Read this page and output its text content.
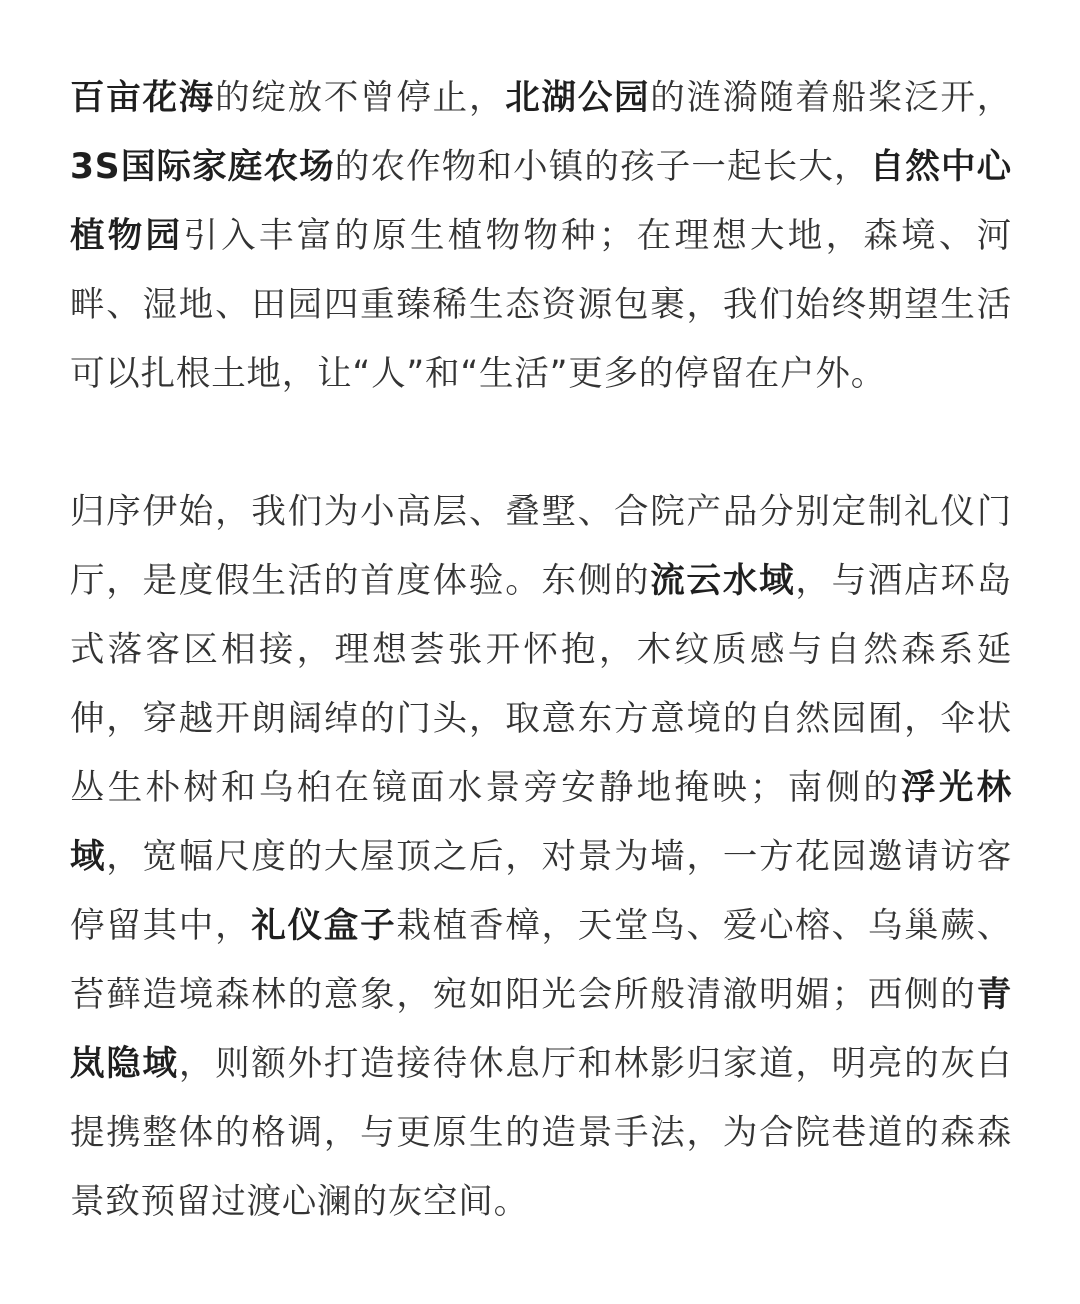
百亩花海的绽放不曾停止，北湖公园的涟漪随着船桨泛开，3S国际家庭农场的农作物和小镇的孩子一起长大，自然中心植物园引入丰富的原生植物物种；在理想大地，森境、河畔、湿地、田园四重臻稀生态资源包裹，我们始终期望生活可以扎根土地，让“人”和“生活”更多的停留在户外。

归序伊始，我们为小高层、叠墅、合院产品分别定制礼仪门厅，是度假生活的首度体验。东侧的流云水域，与酒店环岛式落客区相接，理想荟张开怀抱，木纹质感与自然森系延伸，穿越开朗阔绰的门头，取意东方意境的自然园囿，伞状丛生朴树和乌桕在镜面水景旁安静地掩映；南侧的浮光林域，宽幅尺度的大屋顶之后，对景为墙，一方花园邀请访客停留其中，礼仪盒子栽植香樟，天堂鸟、爱心榕、乌巢蕨、苔藓造境森林的意象，宛如阳光会所般清澈明媚；西侧的青岚隐域，则额外打造接待休息厅和林影归家道，明亮的灰白提携整体的格调，与更原生的造景手法，为合院巷道的森森景致预留过渡心澜的灰空间。
